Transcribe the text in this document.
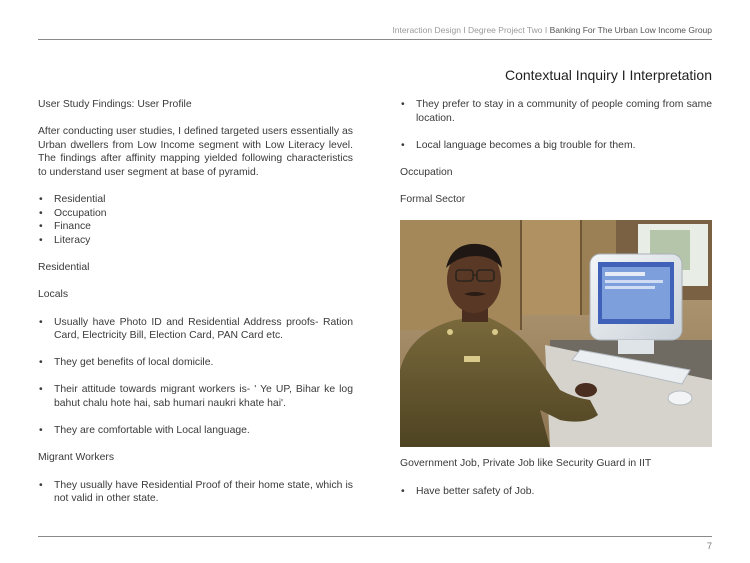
Interaction Design I Degree Project Two I Banking For The Urban Low Income Group
Contextual Inquiry I Interpretation

User Study Findings: User Profile

After conducting user studies, I defined targeted users essentially as Urban dwellers from Low Income segment with Low Literacy level. The findings after affinity mapping yielded following characteristics to understand user segment at base of pyramid.

• Residential
• Occupation
• Finance
• Literacy

Residential

Locals

• Usually have Photo ID and Residential Address proofs- Ration Card, Electricity Bill, Election Card, PAN Card etc.
• They get benefits of local domicile.
• Their attitude towards migrant workers is- ' Ye UP, Bihar ke log bahut chalu hote hai, sab humari naukri khate hai'.
• They are comfortable with Local language.

Migrant Workers

• They usually have Residential Proof of their home state, which is not valid in other state.
• They prefer to stay in a community of people coming from same location.
• Local language becomes a big trouble for them.

Occupation

Formal Sector

Government Job, Private Job like Security Guard in IIT

• Have better safety of Job.
7
